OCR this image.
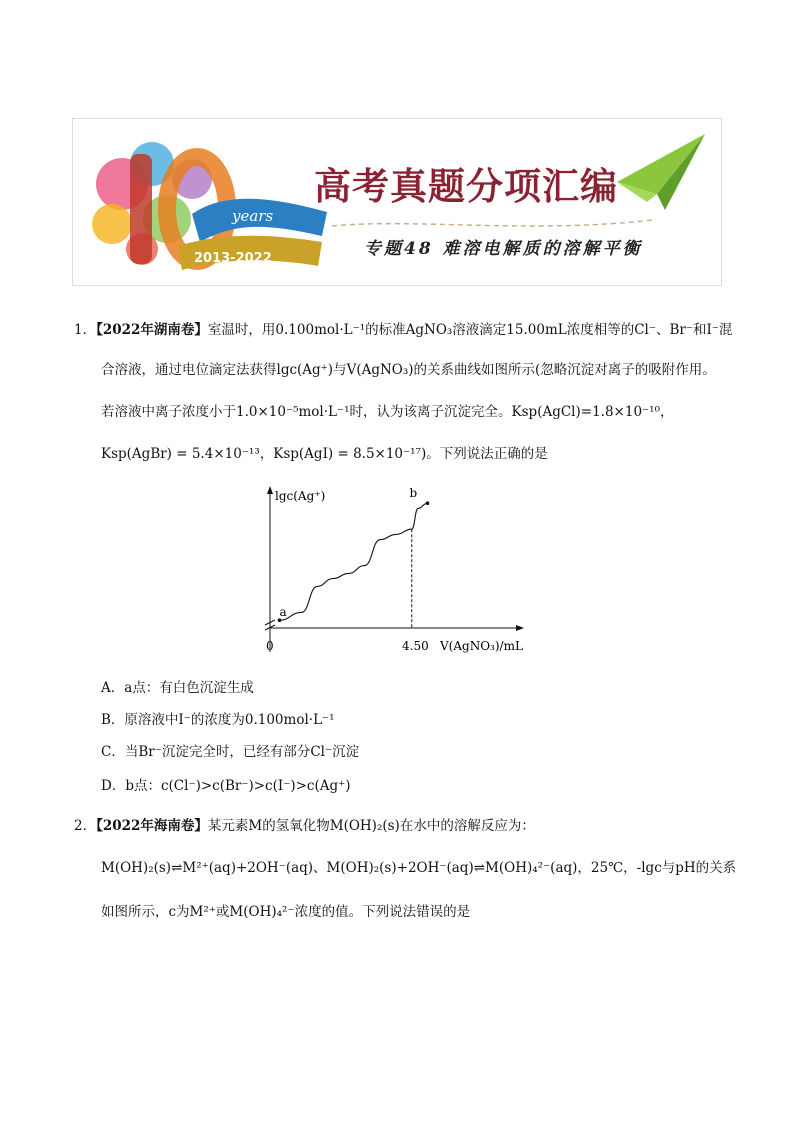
years
2013-2022
高考真题分项汇编
专题48 难溶电解质的溶解平衡
1．【2022年湖南卷】室温时，用0.100mol·L⁻¹的标准AgNO₃溶液滴定15.00mL浓度相等的Cl⁻、Br⁻和I⁻混
合溶液，通过电位滴定法获得lgc(Ag⁺)与V(AgNO₃)的关系曲线如图所示(忽略沉淀对离子的吸附作用。
若溶液中离子浓度小于1.0×10⁻⁵mol·L⁻¹时，认为该离子沉淀完全。Ksp(AgCl)=1.8×10⁻¹⁰，
Ksp(AgBr) = 5.4×10⁻¹³，Ksp(AgI) = 8.5×10⁻¹⁷)。下列说法正确的是
lgc(Ag⁺)
V(AgNO₃)/mL
0	4.50
a
b
A．a点：有白色沉淀生成
B．原溶液中I⁻的浓度为0.100mol·L⁻¹
C．当Br⁻沉淀完全时，已经有部分Cl⁻沉淀
D．b点：c(Cl⁻)>c(Br⁻)>c(I⁻)>c(Ag⁺)
2．【2022年海南卷】某元素M的氢氧化物M(OH)₂(s)在水中的溶解反应为：
M(OH)₂(s)⇌M²⁺(aq)+2OH⁻(aq)、M(OH)₂(s)+2OH⁻(aq)⇌M(OH)₄²⁻(aq)，25℃，-lgc与pH的关系
如图所示，c为M²⁺或M(OH)₄²⁻浓度的值。下列说法错误的是
